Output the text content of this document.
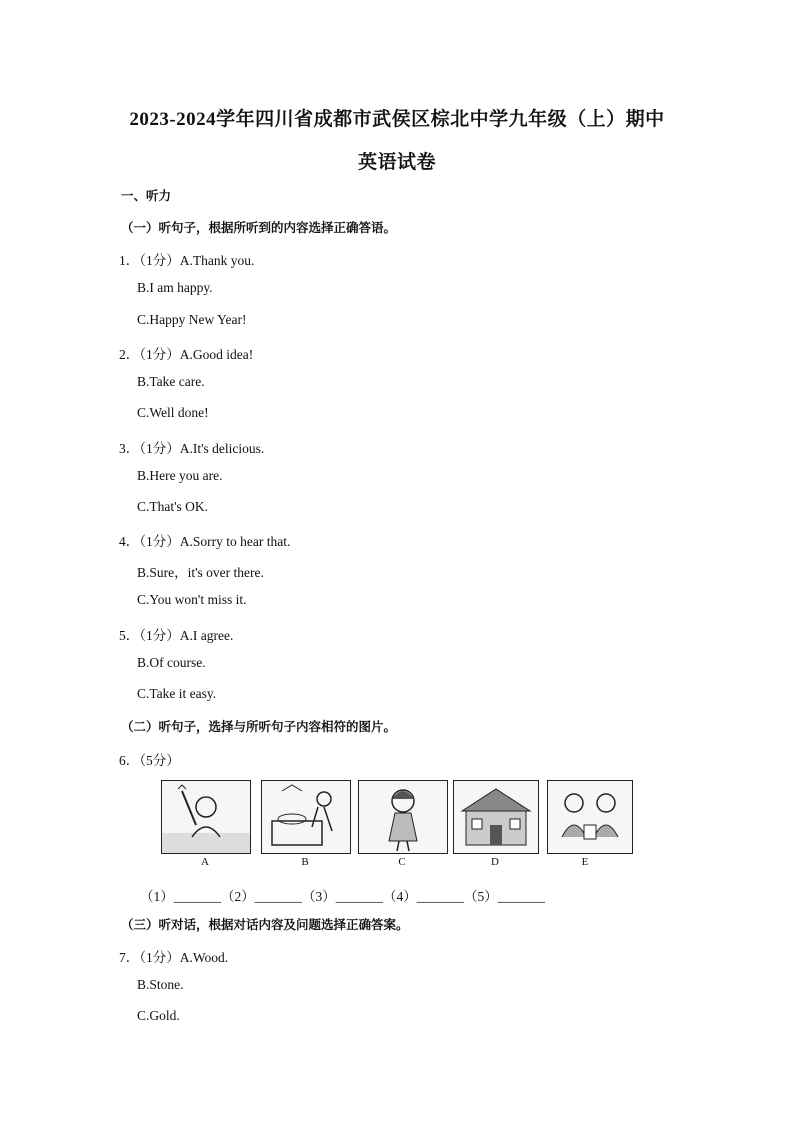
2023-2024学年四川省成都市武侯区棕北中学九年级（上）期中
英语试卷
一、听力
（一）听句子，根据所听到的内容选择正确答语。
1．（1分）A.Thank you.
B.I am happy.
C.Happy New Year!
2．（1分）A.Good idea!
B.Take care.
C.Well done!
3．（1分）A.It's delicious.
B.Here you are.
C.That's OK.
4．（1分）A.Sorry to hear that.
B.Sure，it's over there.
C.You won't miss it.
5．（1分）A.I agree.
B.Of course.
C.Take it easy.
（二）听句子，选择与所听句子内容相符的图片。
6．（5分）
A	B	C	D	E
（1）_______（2）_______（3）_______（4）_______（5）_______
（三）听对话，根据对话内容及问题选择正确答案。
7．（1分）A.Wood.
B.Stone.
C.Gold.
